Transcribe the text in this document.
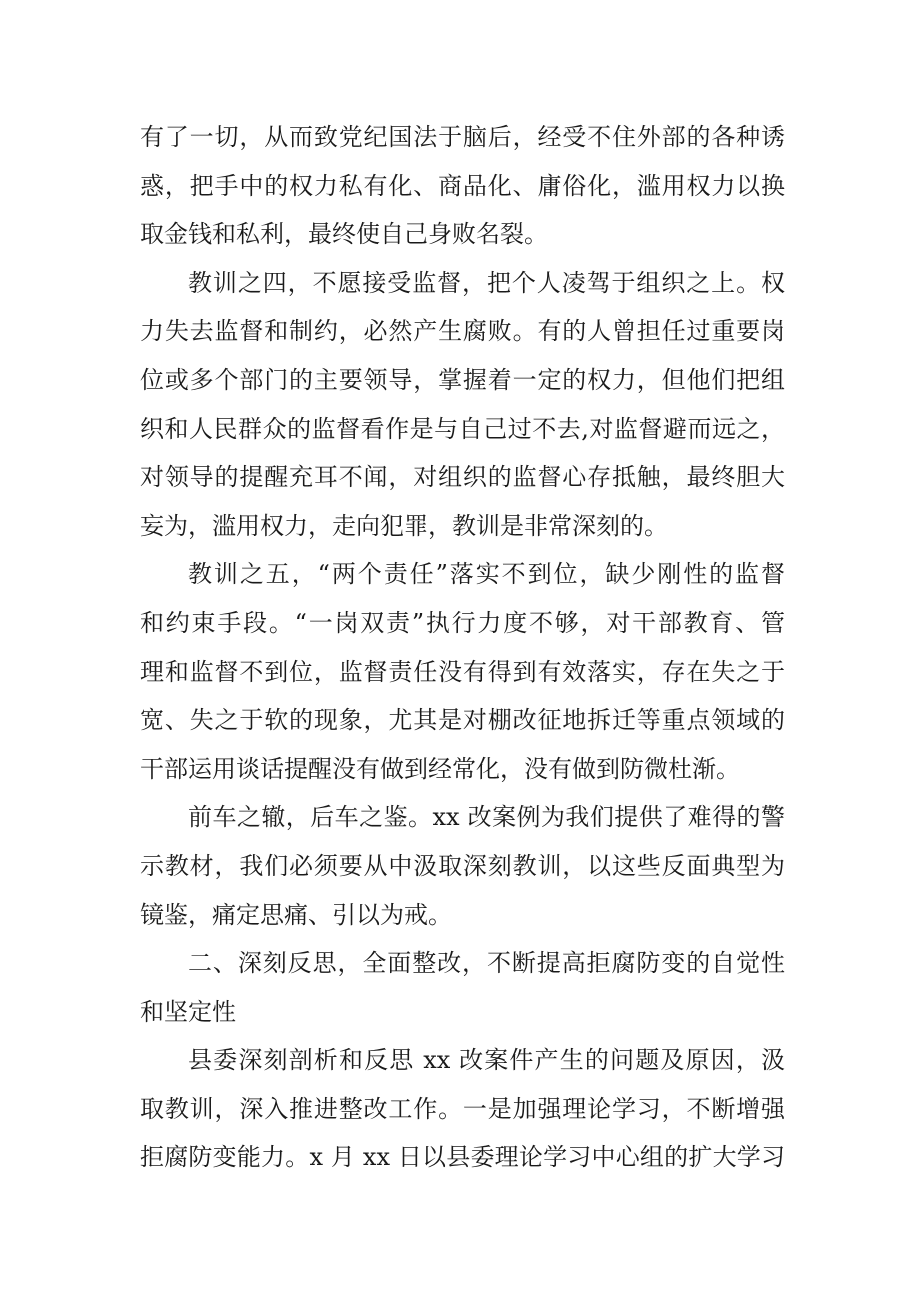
有了一切，从而致党纪国法于脑后，经受不住外部的各种诱
惑，把手中的权力私有化、商品化、庸俗化，滥用权力以换
取金钱和私利，最终使自己身败名裂。

教训之四，不愿接受监督，把个人凌驾于组织之上。权
力失去监督和制约，必然产生腐败。有的人曾担任过重要岗
位或多个部门的主要领导，掌握着一定的权力，但他们把组
织和人民群众的监督看作是与自己过不去,对监督避而远之，
对领导的提醒充耳不闻，对组织的监督心存抵触，最终胆大
妄为，滥用权力，走向犯罪，教训是非常深刻的。

教训之五，“两个责任”落实不到位，缺少刚性的监督
和约束手段。“一岗双责”执行力度不够，对干部教育、管
理和监督不到位，监督责任没有得到有效落实，存在失之于
宽、失之于软的现象，尤其是对棚改征地拆迁等重点领域的
干部运用谈话提醒没有做到经常化，没有做到防微杜渐。

前车之辙，后车之鉴。xx 改案例为我们提供了难得的警
示教材，我们必须要从中汲取深刻教训，以这些反面典型为
镜鉴，痛定思痛、引以为戒。

二、深刻反思，全面整改，不断提高拒腐防变的自觉性
和坚定性

县委深刻剖析和反思 xx 改案件产生的问题及原因，汲
取教训，深入推进整改工作。一是加强理论学习，不断增强
拒腐防变能力。x 月 xx 日以县委理论学习中心组的扩大学习
